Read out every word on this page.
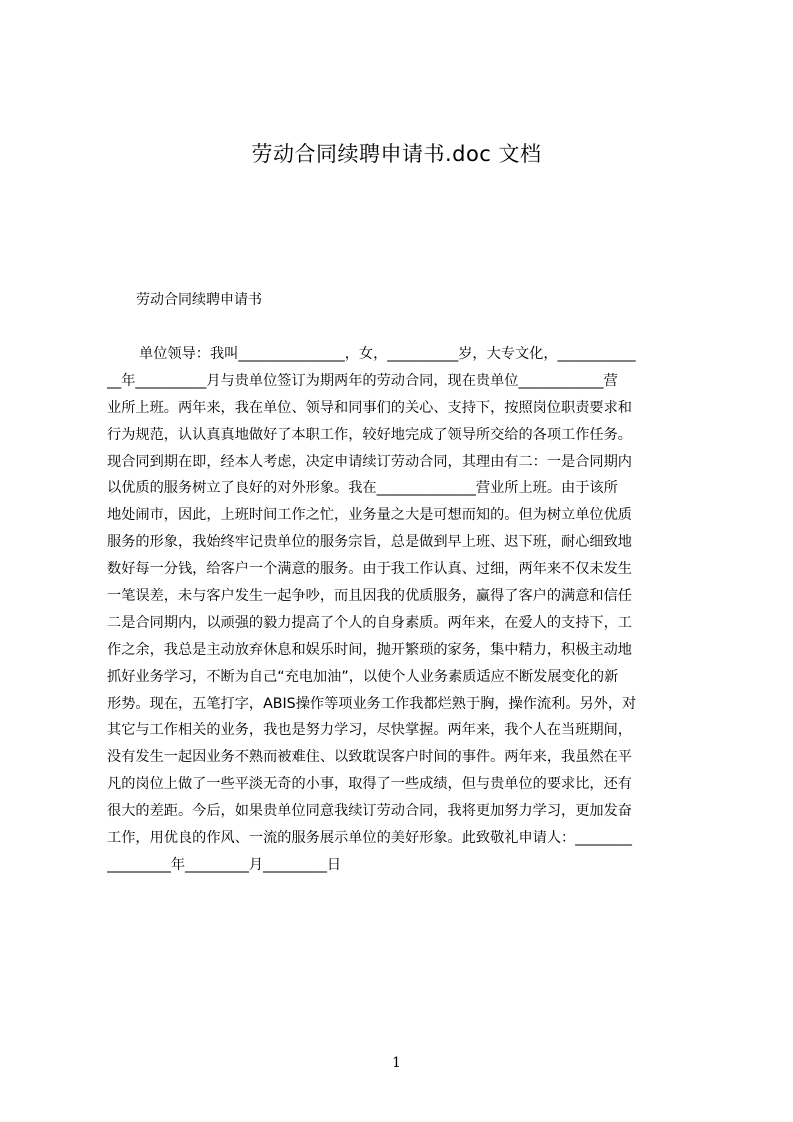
劳动合同续聘申请书.doc 文档

劳动合同续聘申请书

单位领导：我叫_______________，女，__________岁，大专文化，___________
__年__________月与贵单位签订为期两年的劳动合同，现在贵单位____________营
业所上班。两年来，我在单位、领导和同事们的关心、支持下，按照岗位职责要求和
行为规范，认认真真地做好了本职工作，较好地完成了领导所交给的各项工作任务。
现合同到期在即，经本人考虑，决定申请续订劳动合同，其理由有二：一是合同期内
以优质的服务树立了良好的对外形象。我在______________营业所上班。由于该所
地处闹市，因此，上班时间工作之忙，业务量之大是可想而知的。但为树立单位优质
服务的形象，我始终牢记贵单位的服务宗旨，总是做到早上班、迟下班，耐心细致地
数好每一分钱，给客户一个满意的服务。由于我工作认真、过细，两年来不仅未发生
一笔误差，未与客户发生一起争吵，而且因我的优质服务，赢得了客户的满意和信任
二是合同期内，以顽强的毅力提高了个人的自身素质。两年来，在爱人的支持下，工
作之余，我总是主动放弃休息和娱乐时间，抛开繁琐的家务，集中精力，积极主动地
抓好业务学习，不断为自己“充电加油”，以使个人业务素质适应不断发展变化的新
形势。现在，五笔打字，ABIS操作等项业务工作我都烂熟于胸，操作流利。另外，对
其它与工作相关的业务，我也是努力学习，尽快掌握。两年来，我个人在当班期间，
没有发生一起因业务不熟而被难住、以致耽误客户时间的事件。两年来，我虽然在平
凡的岗位上做了一些平淡无奇的小事，取得了一些成绩，但与贵单位的要求比，还有
很大的差距。今后，如果贵单位同意我续订劳动合同，我将更加努力学习，更加发奋
工作，用优良的作风、一流的服务展示单位的美好形象。此致敬礼申请人：________
_________年_________月_________日
1
